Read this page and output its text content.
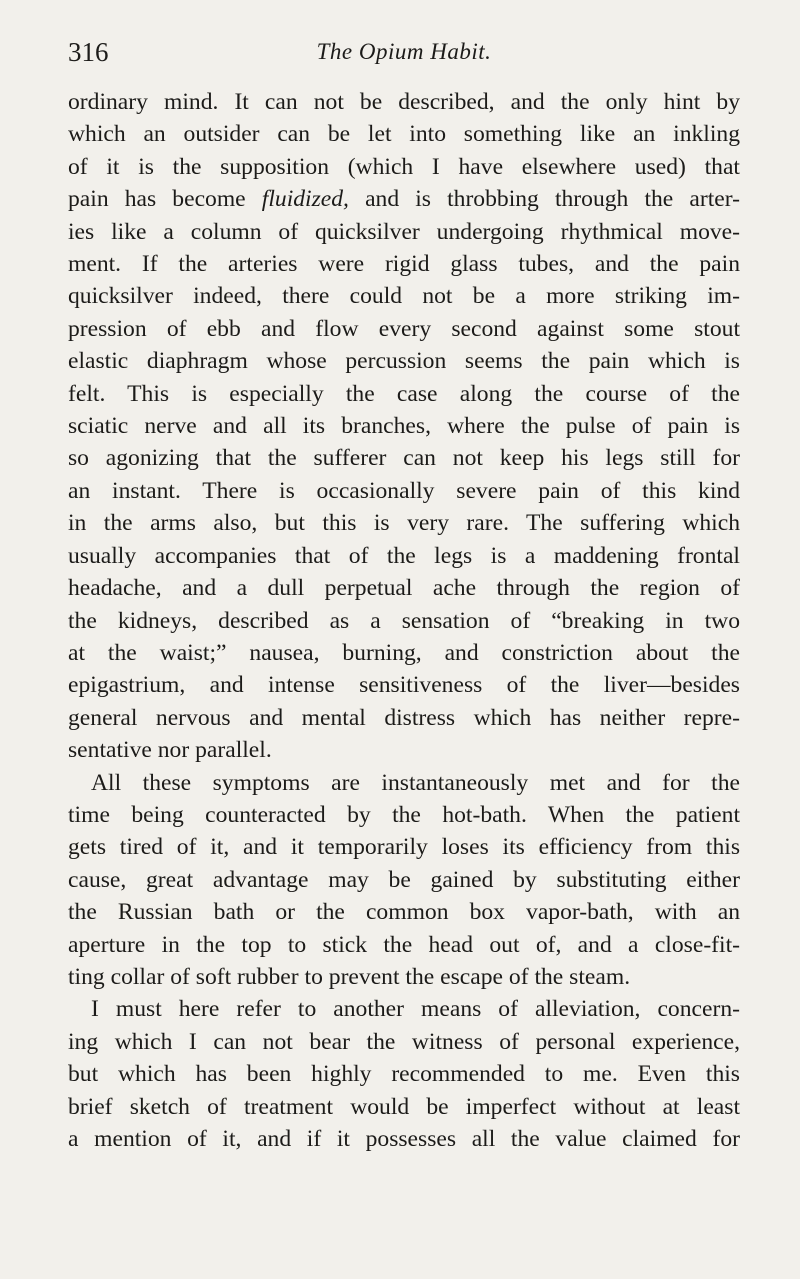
316	The Opium Habit.
ordinary mind. It can not be described, and the only hint by
which an outsider can be let into something like an inkling
of it is the supposition (which I have elsewhere used) that
pain has become fluidized, and is throbbing through the arter-
ies like a column of quicksilver undergoing rhythmical move-
ment. If the arteries were rigid glass tubes, and the pain
quicksilver indeed, there could not be a more striking im-
pression of ebb and flow every second against some stout
elastic diaphragm whose percussion seems the pain which is
felt. This is especially the case along the course of the
sciatic nerve and all its branches, where the pulse of pain is
so agonizing that the sufferer can not keep his legs still for
an instant. There is occasionally severe pain of this kind
in the arms also, but this is very rare. The suffering which
usually accompanies that of the legs is a maddening frontal
headache, and a dull perpetual ache through the region of
the kidneys, described as a sensation of “breaking in two
at the waist;” nausea, burning, and constriction about the
epigastrium, and intense sensitiveness of the liver—besides
general nervous and mental distress which has neither repre-
sentative nor parallel.
All these symptoms are instantaneously met and for the
time being counteracted by the hot-bath. When the patient
gets tired of it, and it temporarily loses its efficiency from this
cause, great advantage may be gained by substituting either
the Russian bath or the common box vapor-bath, with an
aperture in the top to stick the head out of, and a close-fit-
ting collar of soft rubber to prevent the escape of the steam.
I must here refer to another means of alleviation, concern-
ing which I can not bear the witness of personal experience,
but which has been highly recommended to me. Even this
brief sketch of treatment would be imperfect without at least
a mention of it, and if it possesses all the value claimed for
